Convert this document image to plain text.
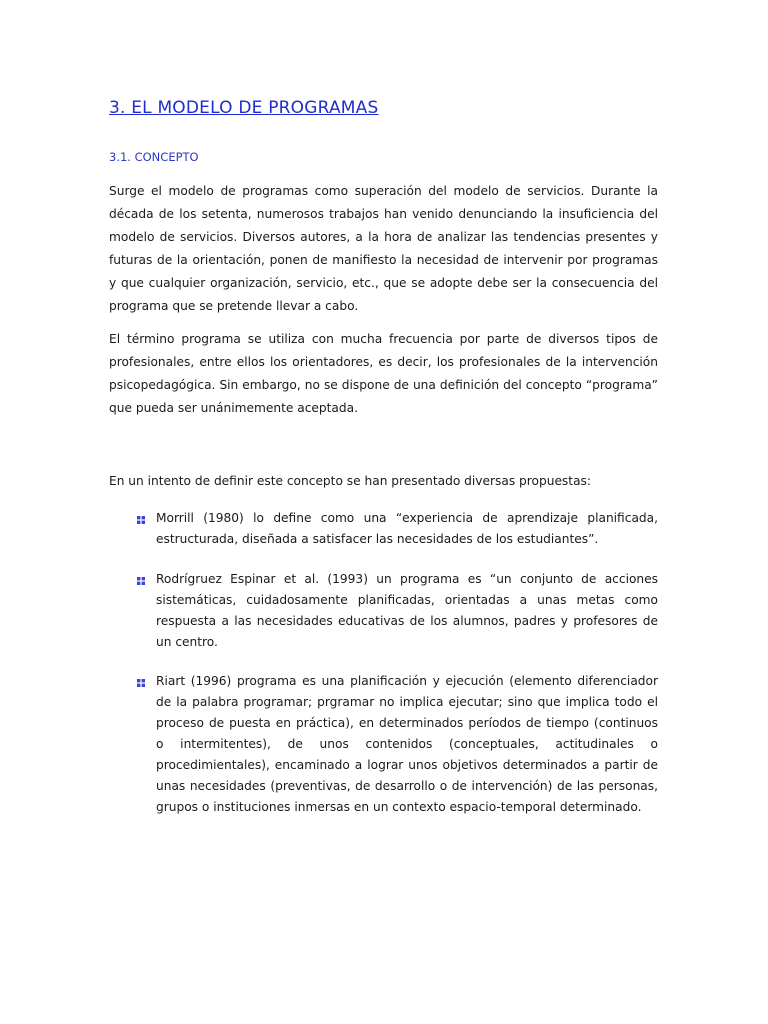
3. EL MODELO DE PROGRAMAS
3.1. CONCEPTO

Surge el modelo de programas como superación del modelo de servicios. Durante la década de los setenta, numerosos trabajos han venido denunciando la insuficiencia del modelo de servicios. Diversos autores, a la hora de analizar las tendencias presentes y futuras de la orientación, ponen de manifiesto la necesidad de intervenir por programas y que cualquier organización, servicio, etc., que se adopte debe ser la consecuencia del programa que se pretende llevar a cabo.

El término programa se utiliza con mucha frecuencia por parte de diversos tipos de profesionales, entre ellos los orientadores, es decir, los profesionales de la intervención psicopedagógica. Sin embargo, no se dispone de una definición del concepto “programa” que pueda ser unánimemente aceptada.

En un intento de definir este concepto se han presentado diversas propuestas:

Morrill (1980) lo define como una “experiencia de aprendizaje planificada, estructurada, diseñada a satisfacer las necesidades de los estudiantes”.

Rodrígruez Espinar et al. (1993) un programa es “un conjunto de acciones sistemáticas, cuidadosamente planificadas, orientadas a unas metas como respuesta a las necesidades educativas de los alumnos, padres y profesores de un centro.

Riart (1996) programa es una planificación y ejecución (elemento diferenciador de la palabra programar; prgramar no implica ejecutar; sino que implica todo el proceso de puesta en práctica), en determinados períodos de tiempo (continuos o intermitentes), de unos contenidos (conceptuales, actitudinales o procedimientales), encaminado a lograr unos objetivos determinados a partir de unas necesidades (preventivas, de desarrollo o de intervención) de las personas, grupos o instituciones inmersas en un contexto espacio-temporal determinado.
